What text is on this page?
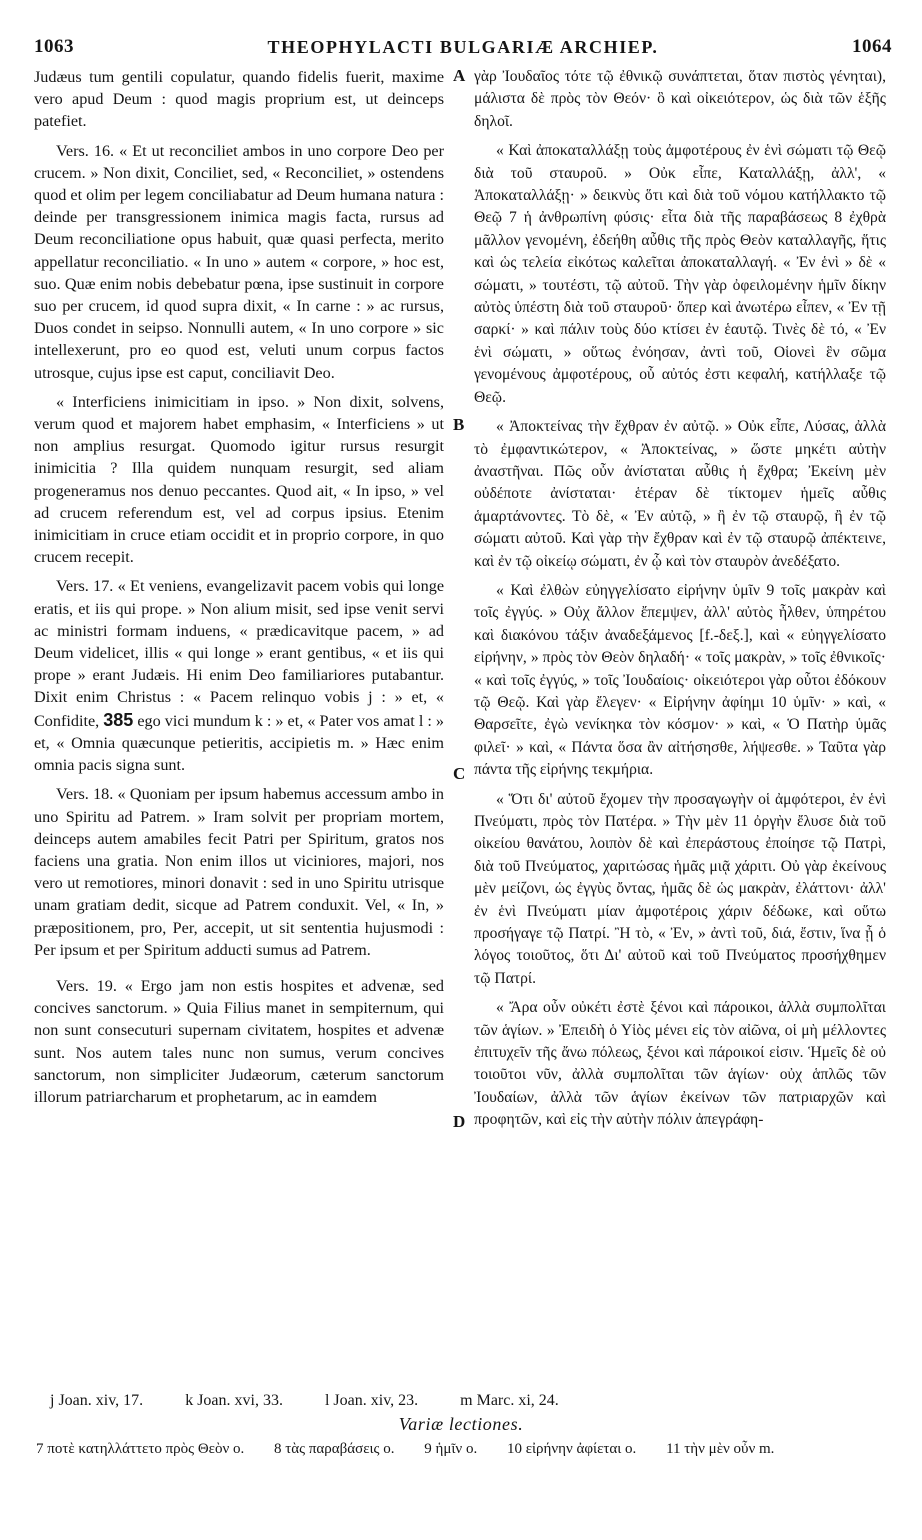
1063	THEOPHYLACTI BULGARIÆ ARCHIEP.	1064

Judæus tum gentili copulatur, quando fidelis fuerit, maxime vero apud Deum : quod magis proprium est, ut deinceps patefiet.

Vers. 16. « Et ut reconciliet ambos in uno corpore Deo per crucem. » Non dixit, Conciliet, sed, « Reconciliet, » ostendens quod et olim per legem conciliabatur ad Deum humana natura : deinde per transgressionem inimica magis facta, rursus ad Deum reconciliatione opus habuit, quæ quasi perfecta, merito appellatur reconciliatio. « In uno » autem « corpore, » hoc est, suo. Quæ enim nobis debebatur pœna, ipse sustinuit in corpore suo per crucem, id quod supra dixit, « In carne : » ac rursus, Duos condet in seipso. Nonnulli autem, « In uno corpore » sic intellexerunt, pro eo quod est, veluti unum corpus factos utrosque, cujus ipse est caput, conciliavit Deo.

« Interficiens inimicitiam in ipso. » Non dixit, solvens, verum quod et majorem habet emphasim, « Interficiens » ut non amplius resurgat. Quomodo igitur rursus resurgit inimicitia ? Illa quidem nunquam resurgit, sed aliam progeneramus nos denuo peccantes. Quod ait, « In ipso, » vel ad crucem referendum est, vel ad corpus ipsius. Etenim inimicitiam in cruce etiam occidit et in proprio corpore, in quo crucem recepit.

Vers. 17. « Et veniens, evangelizavit pacem vobis qui longe eratis, et iis qui prope. » Non alium misit, sed ipse venit servi ac ministri formam induens, « prædicavitque pacem, » ad Deum videlicet, illis « qui longe » erant gentibus, « et iis qui prope » erant Judæis. Hi enim Deo familiariores putabantur. Dixit enim Christus : « Pacem relinquo vobis j : » et, « Confidite, 385 ego vici mundum k : » et, « Pater vos amat l : » et, « Omnia quæcunque petieritis, accipietis m. » Hæc enim omnia pacis signa sunt.

Vers. 18. « Quoniam per ipsum habemus accessum ambo in uno Spiritu ad Patrem. » Iram solvit per propriam mortem, deinceps autem amabiles fecit Patri per Spiritum, gratos nos faciens una gratia. Non enim illos ut viciniores, majori, nos vero ut remotiores, minori donavit : sed in uno Spiritu utrisque unam gratiam dedit, sicque ad Patrem conduxit. Vel, « In, » præpositionem, pro, Per, accepit, ut sit sententia hujusmodi : Per ipsum et per Spiritum adducti sumus ad Patrem.

Vers. 19. « Ergo jam non estis hospites et advenæ, sed concives sanctorum. » Quia Filius manet in sempiternum, qui non sunt consecuturi supernam civitatem, hospites et advenæ sunt. Nos autem tales nunc non sumus, verum concives sanctorum, non simpliciter Judæorum, cæterum sanctorum illorum patriarcharum et prophetarum, ac in eamdem

A
B
C
D

γὰρ Ἰουδαῖος τότε τῷ ἐθνικῷ συνάπτεται, ὅταν πιστὸς γένηται), μάλιστα δὲ πρὸς τὸν Θεόν· ὃ καὶ οἰκειότερον, ὡς διὰ τῶν ἑξῆς δηλοῖ.

« Καὶ ἀποκαταλλάξῃ τοὺς ἀμφοτέρους ἐν ἑνὶ σώματι τῷ Θεῷ διὰ τοῦ σταυροῦ. » Οὐκ εἶπε, Καταλλάξῃ, ἀλλ', « Ἀποκαταλλάξῃ· » δεικνὺς ὅτι καὶ διὰ τοῦ νόμου κατήλλακτο τῷ Θεῷ 7 ἡ ἀνθρωπίνη φύσις· εἶτα διὰ τῆς παραβάσεως 8 ἐχθρὰ μᾶλλον γενομένη, ἐδεήθη αὖθις τῆς πρὸς Θεὸν καταλλαγῆς, ἥτις καὶ ὡς τελεία εἰκότως καλεῖται ἀποκαταλλαγή. « Ἐν ἑνὶ » δὲ « σώματι, » τουτέστι, τῷ αὐτοῦ. Τὴν γὰρ ὀφειλομένην ἡμῖν δίκην αὐτὸς ὑπέστη διὰ τοῦ σταυροῦ· ὅπερ καὶ ἀνωτέρω εἶπεν, « Ἐν τῇ σαρκί· » καὶ πάλιν τοὺς δύο κτίσει ἐν ἑαυτῷ. Τινὲς δὲ τό, « Ἐν ἑνὶ σώματι, » οὕτως ἐνόησαν, ἀντὶ τοῦ, Οἱονεὶ ἓν σῶμα γενομένους ἀμφοτέρους, οὗ αὐτός ἐστι κεφαλή, κατήλλαξε τῷ Θεῷ.

« Ἀποκτείνας τὴν ἔχθραν ἐν αὐτῷ. » Οὐκ εἶπε, Λύσας, ἀλλὰ τὸ ἐμφαντικώτερον, « Ἀποκτείνας, » ὥστε μηκέτι αὐτὴν ἀναστῆναι. Πῶς οὖν ἀνίσταται αὖθις ἡ ἔχθρα; Ἐκείνη μὲν οὐδέποτε ἀνίσταται· ἑτέραν δὲ τίκτομεν ἡμεῖς αὖθις ἁμαρτάνοντες. Τὸ δὲ, « Ἐν αὐτῷ, » ἢ ἐν τῷ σταυρῷ, ἢ ἐν τῷ σώματι αὐτοῦ. Καὶ γὰρ τὴν ἔχθραν καὶ ἐν τῷ σταυρῷ ἀπέκτεινε, καὶ ἐν τῷ οἰκείῳ σώματι, ἐν ᾧ καὶ τὸν σταυρὸν ἀνεδέξατο.

« Καὶ ἐλθὼν εὐηγγελίσατο εἰρήνην ὑμῖν 9 τοῖς μακρὰν καὶ τοῖς ἐγγύς. » Οὐχ ἄλλον ἔπεμψεν, ἀλλ' αὐτὸς ἦλθεν, ὑπηρέτου καὶ διακόνου τάξιν ἀναδεξάμενος [f.-δεξ.], καὶ « εὐηγγελίσατο εἰρήνην, » πρὸς τὸν Θεὸν δηλαδή· « τοῖς μακρὰν, » τοῖς ἐθνικοῖς· « καὶ τοῖς ἐγγύς, » τοῖς Ἰουδαίοις· οἰκειότεροι γὰρ οὗτοι ἐδόκουν τῷ Θεῷ. Καὶ γὰρ ἔλεγεν· « Εἰρήνην ἀφίημι 10 ὑμῖν· » καὶ, « Θαρσεῖτε, ἐγὼ νενίκηκα τὸν κόσμον· » καὶ, « Ὁ Πατὴρ ὑμᾶς φιλεῖ· » καὶ, « Πάντα ὅσα ἂν αἰτήσησθε, λήψεσθε. » Ταῦτα γὰρ πάντα τῆς εἰρήνης τεκμήρια.

« Ὅτι δι' αὐτοῦ ἔχομεν τὴν προσαγωγὴν οἱ ἀμφότεροι, ἐν ἑνὶ Πνεύματι, πρὸς τὸν Πατέρα. » Τὴν μὲν 11 ὀργὴν ἔλυσε διὰ τοῦ οἰκείου θανάτου, λοιπὸν δὲ καὶ ἐπεράστους ἐποίησε τῷ Πατρὶ, διὰ τοῦ Πνεύματος, χαριτώσας ἡμᾶς μιᾷ χάριτι. Οὐ γὰρ ἐκείνους μὲν μείζονι, ὡς ἐγγὺς ὄντας, ἡμᾶς δὲ ὡς μακρὰν, ἐλάττονι· ἀλλ' ἐν ἑνὶ Πνεύματι μίαν ἀμφοτέροις χάριν δέδωκε, καὶ οὕτω προσήγαγε τῷ Πατρί. Ἢ τὸ, « Ἐν, » ἀντὶ τοῦ, διά, ἔστιν, ἵνα ᾖ ὁ λόγος τοιοῦτος, ὅτι Δι' αὐτοῦ καὶ τοῦ Πνεύματος προσήχθημεν τῷ Πατρί.

« Ἄρα οὖν οὐκέτι ἐστὲ ξένοι καὶ πάροικοι, ἀλλὰ συμπολῖται τῶν ἁγίων. » Ἐπειδὴ ὁ Υἱὸς μένει εἰς τὸν αἰῶνα, οἱ μὴ μέλλοντες ἐπιτυχεῖν τῆς ἄνω πόλεως, ξένοι καὶ πάροικοί εἰσιν. Ἡμεῖς δὲ οὐ τοιοῦτοι νῦν, ἀλλὰ συμπολῖται τῶν ἁγίων· οὐχ ἁπλῶς τῶν Ἰουδαίων, ἀλλὰ τῶν ἁγίων ἐκείνων τῶν πατριαρχῶν καὶ προφητῶν, καὶ εἰς τὴν αὐτὴν πόλιν ἀπεγράφη-

j Joan. xiv, 17.	k Joan. xvi, 33.	l Joan. xiv, 23.	m Marc. xi, 24.
Variæ lectiones.
7 ποτὲ κατηλλάττετο πρὸς Θεὸν o. 8 τὰς παραβάσεις o. 9 ἡμῖν o. 10 εἰρήνην ἀφίεται o. 11 τὴν μὲν οὖν m.
